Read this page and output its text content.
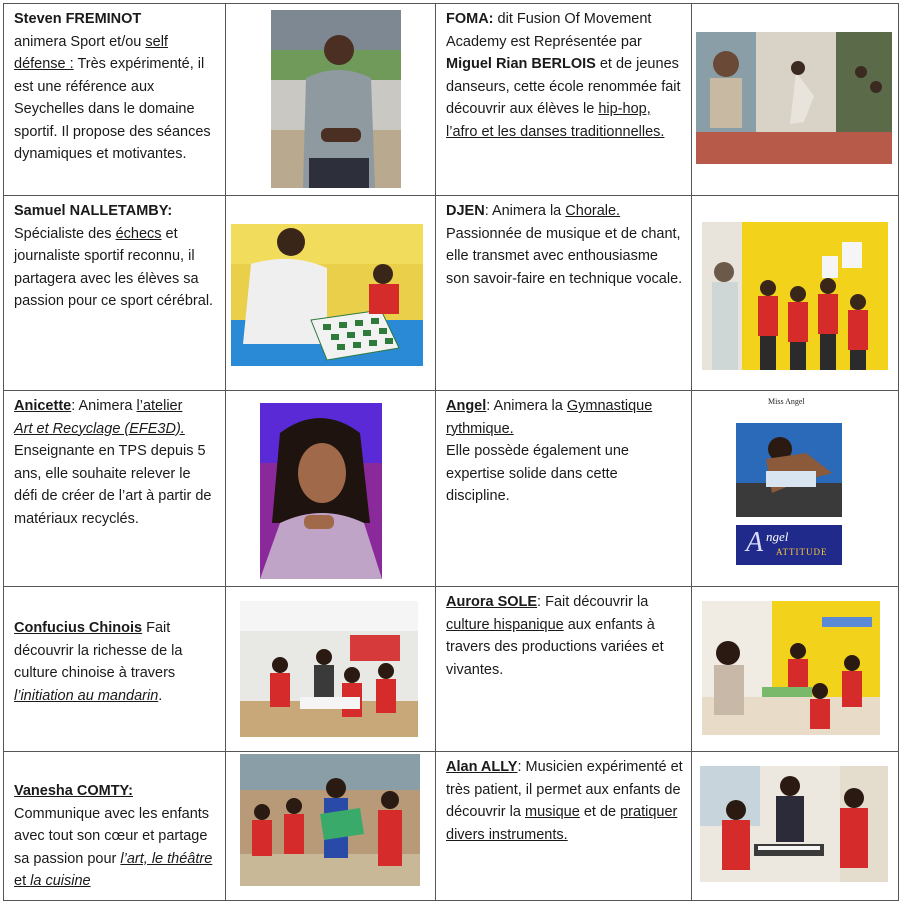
Steven FREMINOT
animera Sport et/ou self défense : Très expérimenté, il est une référence aux Seychelles dans le domaine sportif. Il propose des séances dynamiques et motivantes.
FOMA: dit Fusion Of Movement Academy est Représentée par Miguel Rian BERLOIS et de jeunes danseurs, cette école renommée fait découvrir aux élèves le hip-hop, l’afro et les danses traditionnelles.
Samuel NALLETAMBY:
Spécialiste des échecs et journaliste sportif reconnu, il partagera avec les élèves sa passion pour ce sport cérébral.
DJEN: Animera la Chorale. Passionnée de musique et de chant, elle transmet avec enthousiasme son savoir-faire en technique vocale.
Anicette: Animera l’atelier
Art et Recyclage (EFE3D). Enseignante en TPS depuis 5 ans, elle souhaite relever le défi de créer de l’art à partir de matériaux recyclés.
Angel: Animera la Gymnastique rythmique.
Elle possède également une expertise solide dans cette discipline.
Miss Angel
A ngel
ATTITUDE
Confucius Chinois Fait découvrir la richesse de la culture chinoise à travers l’initiation au mandarin.
Aurora SOLE: Fait découvrir la culture hispanique aux enfants à travers des productions variées et vivantes.
Vanesha COMTY:
Communique avec les enfants avec tout son cœur et partage sa passion pour l’art, le théâtre et la cuisine
Alan ALLY: Musicien expérimenté et très patient, il permet aux enfants de découvrir la musique et de pratiquer divers instruments.
